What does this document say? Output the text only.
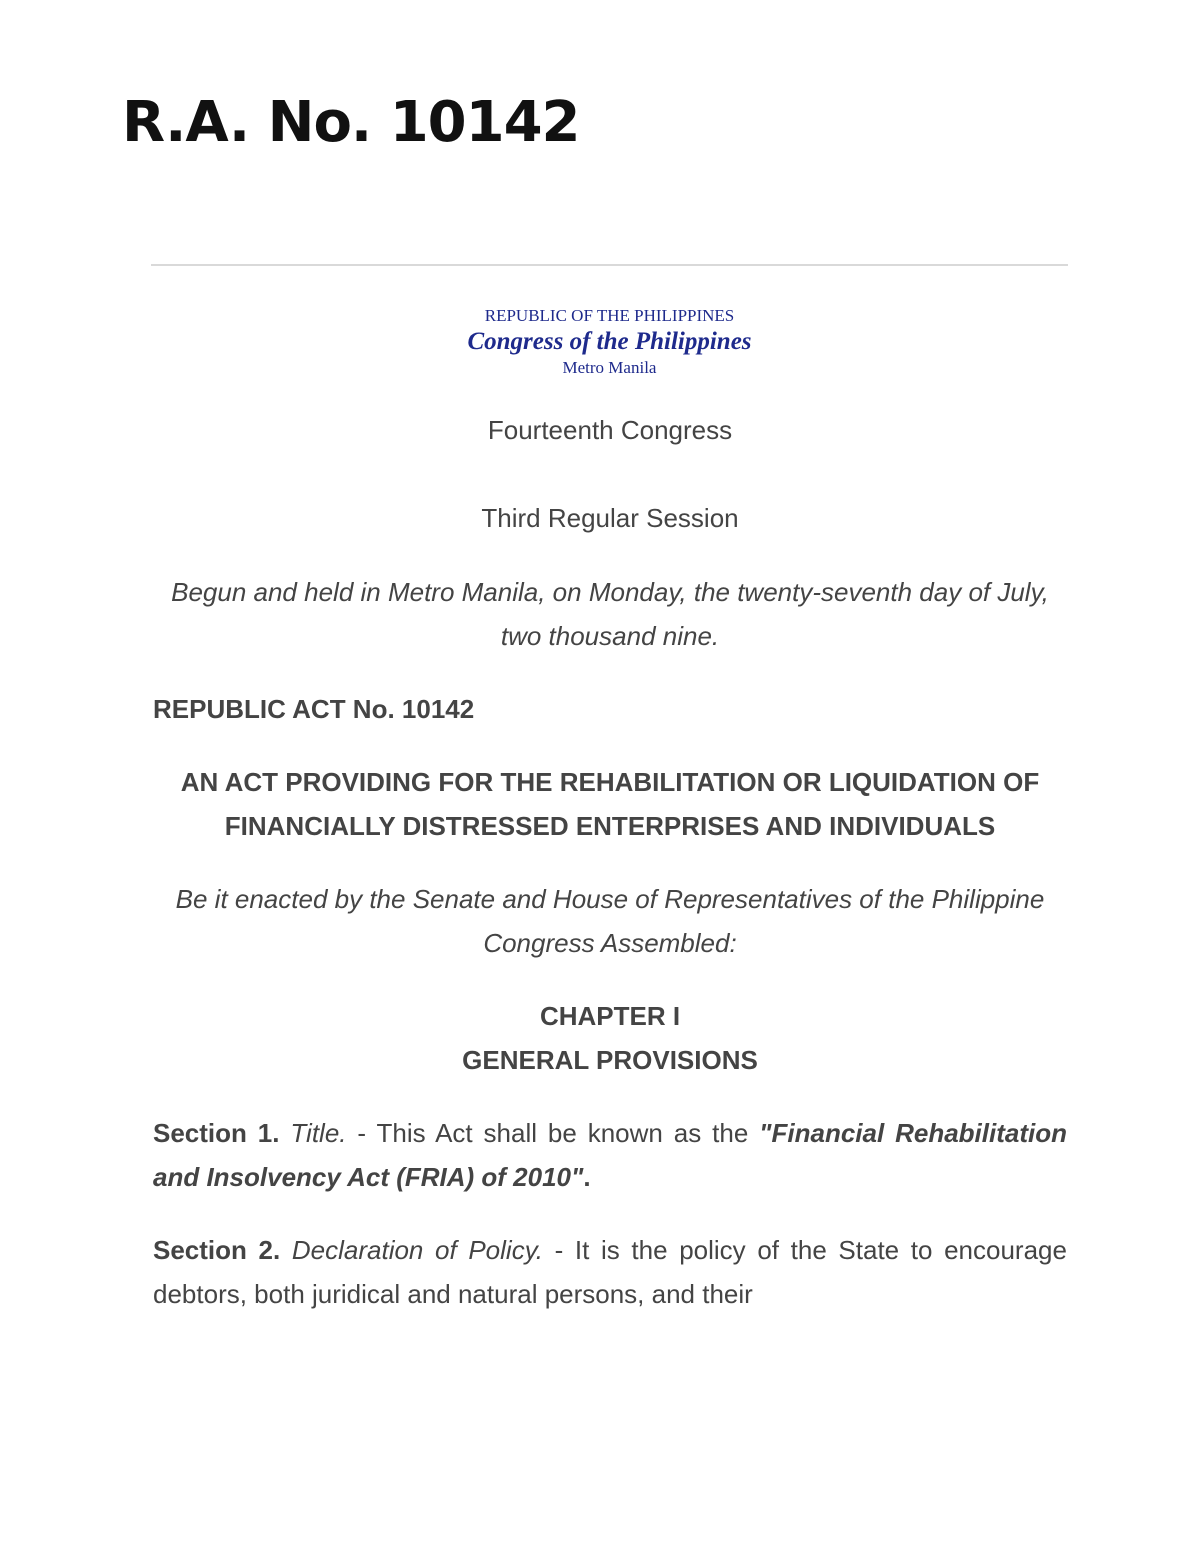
R.A. No. 10142
REPUBLIC OF THE PHILIPPINES
Congress of the Philippines
Metro Manila

Fourteenth Congress

Third Regular Session

Begun and held in Metro Manila, on Monday, the twenty-seventh day of July, two thousand nine.

REPUBLIC ACT No. 10142

AN ACT PROVIDING FOR THE REHABILITATION OR LIQUIDATION OF FINANCIALLY DISTRESSED ENTERPRISES AND INDIVIDUALS

Be it enacted by the Senate and House of Representatives of the Philippine Congress Assembled:

CHAPTER I
GENERAL PROVISIONS

Section 1. Title. - This Act shall be known as the "Financial Rehabilitation and Insolvency Act (FRIA) of 2010".

Section 2. Declaration of Policy. - It is the policy of the State to encourage debtors, both juridical and natural persons, and their
